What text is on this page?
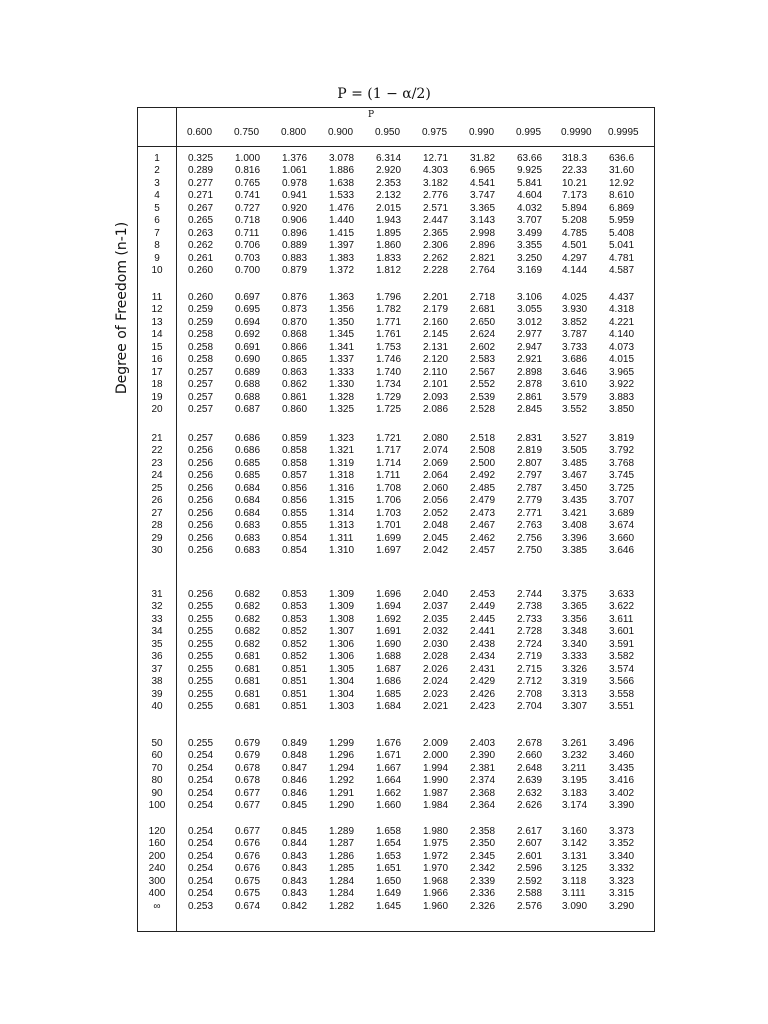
P = (1 − α/2)
Degree of Freedom (n-1)
P
0.600	0.750	0.800	0.900	0.950	0.975	0.990	0.995	0.9990	0.9995
1	0.325	1.000	1.376	3.078	6.314	12.71	31.82	63.66	318.3	636.6
2	0.289	0.816	1.061	1.886	2.920	4.303	6.965	9.925	22.33	31.60
3	0.277	0.765	0.978	1.638	2.353	3.182	4.541	5.841	10.21	12.92
4	0.271	0.741	0.941	1.533	2.132	2.776	3.747	4.604	7.173	8.610
5	0.267	0.727	0.920	1.476	2.015	2.571	3.365	4.032	5.894	6.869
6	0.265	0.718	0.906	1.440	1.943	2.447	3.143	3.707	5.208	5.959
7	0.263	0.711	0.896	1.415	1.895	2.365	2.998	3.499	4.785	5.408
8	0.262	0.706	0.889	1.397	1.860	2.306	2.896	3.355	4.501	5.041
9	0.261	0.703	0.883	1.383	1.833	2.262	2.821	3.250	4.297	4.781
10	0.260	0.700	0.879	1.372	1.812	2.228	2.764	3.169	4.144	4.587
11	0.260	0.697	0.876	1.363	1.796	2.201	2.718	3.106	4.025	4.437
12	0.259	0.695	0.873	1.356	1.782	2.179	2.681	3.055	3.930	4.318
13	0.259	0.694	0.870	1.350	1.771	2.160	2.650	3.012	3.852	4.221
14	0.258	0.692	0.868	1.345	1.761	2.145	2.624	2.977	3.787	4.140
15	0.258	0.691	0.866	1.341	1.753	2.131	2.602	2.947	3.733	4.073
16	0.258	0.690	0.865	1.337	1.746	2.120	2.583	2.921	3.686	4.015
17	0.257	0.689	0.863	1.333	1.740	2.110	2.567	2.898	3.646	3.965
18	0.257	0.688	0.862	1.330	1.734	2.101	2.552	2.878	3.610	3.922
19	0.257	0.688	0.861	1.328	1.729	2.093	2.539	2.861	3.579	3.883
20	0.257	0.687	0.860	1.325	1.725	2.086	2.528	2.845	3.552	3.850
21	0.257	0.686	0.859	1.323	1.721	2.080	2.518	2.831	3.527	3.819
22	0.256	0.686	0.858	1.321	1.717	2.074	2.508	2.819	3.505	3.792
23	0.256	0.685	0.858	1.319	1.714	2.069	2.500	2.807	3.485	3.768
24	0.256	0.685	0.857	1.318	1.711	2.064	2.492	2.797	3.467	3.745
25	0.256	0.684	0.856	1.316	1.708	2.060	2.485	2.787	3.450	3.725
26	0.256	0.684	0.856	1.315	1.706	2.056	2.479	2.779	3.435	3.707
27	0.256	0.684	0.855	1.314	1.703	2.052	2.473	2.771	3.421	3.689
28	0.256	0.683	0.855	1.313	1.701	2.048	2.467	2.763	3.408	3.674
29	0.256	0.683	0.854	1.311	1.699	2.045	2.462	2.756	3.396	3.660
30	0.256	0.683	0.854	1.310	1.697	2.042	2.457	2.750	3.385	3.646
31	0.256	0.682	0.853	1.309	1.696	2.040	2.453	2.744	3.375	3.633
32	0.255	0.682	0.853	1.309	1.694	2.037	2.449	2.738	3.365	3.622
33	0.255	0.682	0.853	1.308	1.692	2.035	2.445	2.733	3.356	3.611
34	0.255	0.682	0.852	1.307	1.691	2.032	2.441	2.728	3.348	3.601
35	0.255	0.682	0.852	1.306	1.690	2.030	2.438	2.724	3.340	3.591
36	0.255	0.681	0.852	1.306	1.688	2.028	2.434	2.719	3.333	3.582
37	0.255	0.681	0.851	1.305	1.687	2.026	2.431	2.715	3.326	3.574
38	0.255	0.681	0.851	1.304	1.686	2.024	2.429	2.712	3.319	3.566
39	0.255	0.681	0.851	1.304	1.685	2.023	2.426	2.708	3.313	3.558
40	0.255	0.681	0.851	1.303	1.684	2.021	2.423	2.704	3.307	3.551
50	0.255	0.679	0.849	1.299	1.676	2.009	2.403	2.678	3.261	3.496
60	0.254	0.679	0.848	1.296	1.671	2.000	2.390	2.660	3.232	3.460
70	0.254	0.678	0.847	1.294	1.667	1.994	2.381	2.648	3.211	3.435
80	0.254	0.678	0.846	1.292	1.664	1.990	2.374	2.639	3.195	3.416
90	0.254	0.677	0.846	1.291	1.662	1.987	2.368	2.632	3.183	3.402
100	0.254	0.677	0.845	1.290	1.660	1.984	2.364	2.626	3.174	3.390
120	0.254	0.677	0.845	1.289	1.658	1.980	2.358	2.617	3.160	3.373
160	0.254	0.676	0.844	1.287	1.654	1.975	2.350	2.607	3.142	3.352
200	0.254	0.676	0.843	1.286	1.653	1.972	2.345	2.601	3.131	3.340
240	0.254	0.676	0.843	1.285	1.651	1.970	2.342	2.596	3.125	3.332
300	0.254	0.675	0.843	1.284	1.650	1.968	2.339	2.592	3.118	3.323
400	0.254	0.675	0.843	1.284	1.649	1.966	2.336	2.588	3.111	3.315
∞	0.253	0.674	0.842	1.282	1.645	1.960	2.326	2.576	3.090	3.290
